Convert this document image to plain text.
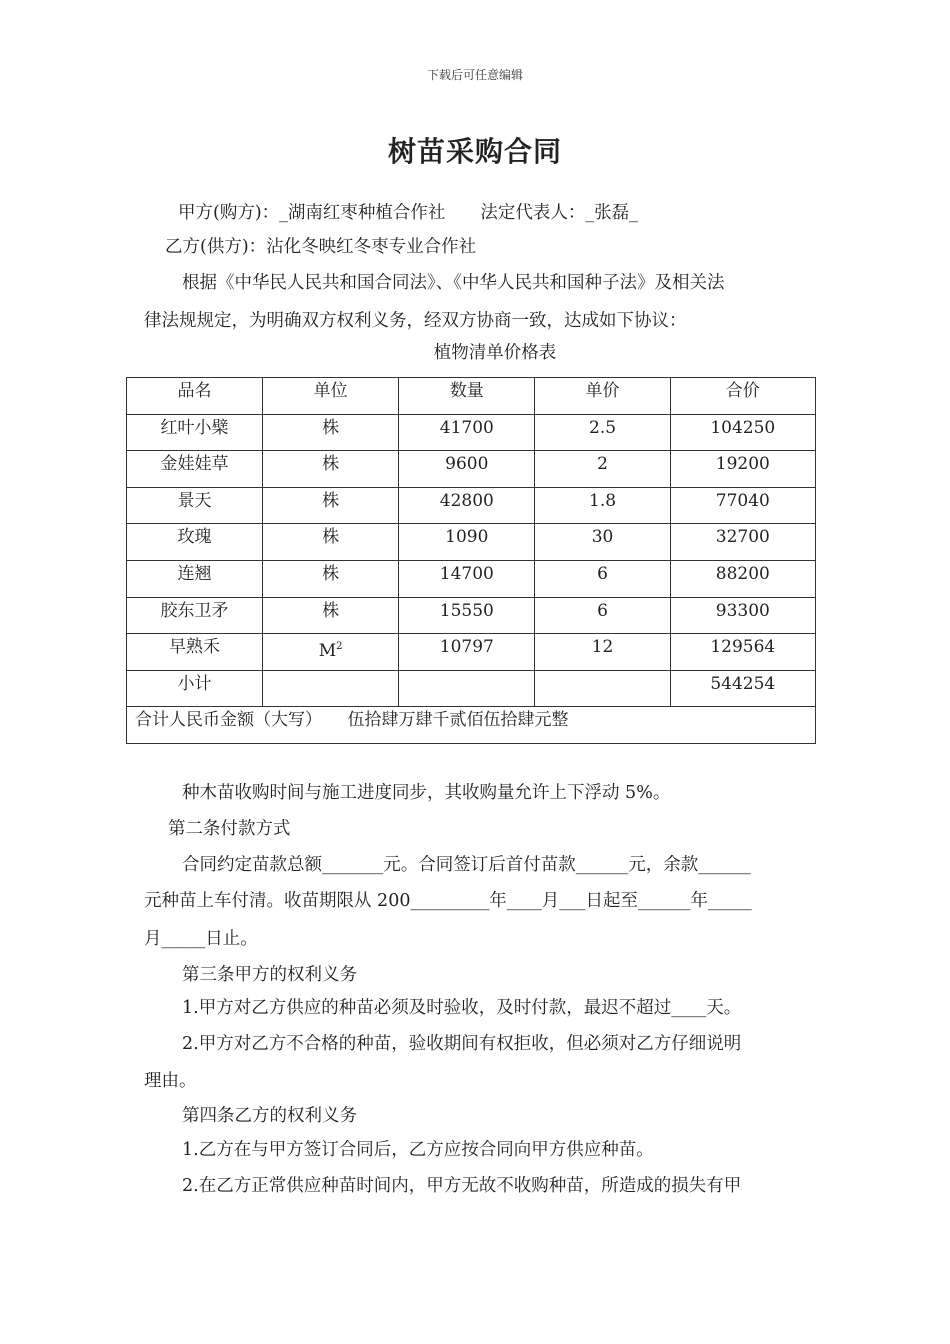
下载后可任意编辑
树苗采购合同
甲方(购方)：_湖南红枣种植合作社　　法定代表人：_张磊_
乙方(供方)：沾化冬映红冬枣专业合作社
根据《中华民人民共和国合同法》、《中华人民共和国种子法》及相关法
律法规规定，为明确双方权利义务，经双方协商一致，达成如下协议：
植物清单价格表
品名	单位	数量	单价	合价
红叶小檗	株	41700	2.5	104250
金娃娃草	株	9600	2	19200
景天	株	42800	1.8	77040
玫瑰	株	1090	30	32700
连翘	株	14700	6	88200
胶东卫矛	株	15550	6	93300
早熟禾	$M^2$	10797	12	129564
小计				544254
合计人民币金额（大写）　　伍拾肆万肆千贰佰伍拾肆元整				
种木苗收购时间与施工进度同步，其收购量允许上下浮动 5%。
第二条付款方式
合同约定苗款总额_______元。合同签订后首付苗款______元，余款______
元种苗上车付清。收苗期限从 200_________年____月___日起至______年_____
月_____日止。
第三条甲方的权利义务
1.甲方对乙方供应的种苗必须及时验收，及时付款，最迟不超过____天。
2.甲方对乙方不合格的种苗，验收期间有权拒收，但必须对乙方仔细说明
理由。
第四条乙方的权利义务
1.乙方在与甲方签订合同后，乙方应按合同向甲方供应种苗。
2.在乙方正常供应种苗时间内，甲方无故不收购种苗，所造成的损失有甲
